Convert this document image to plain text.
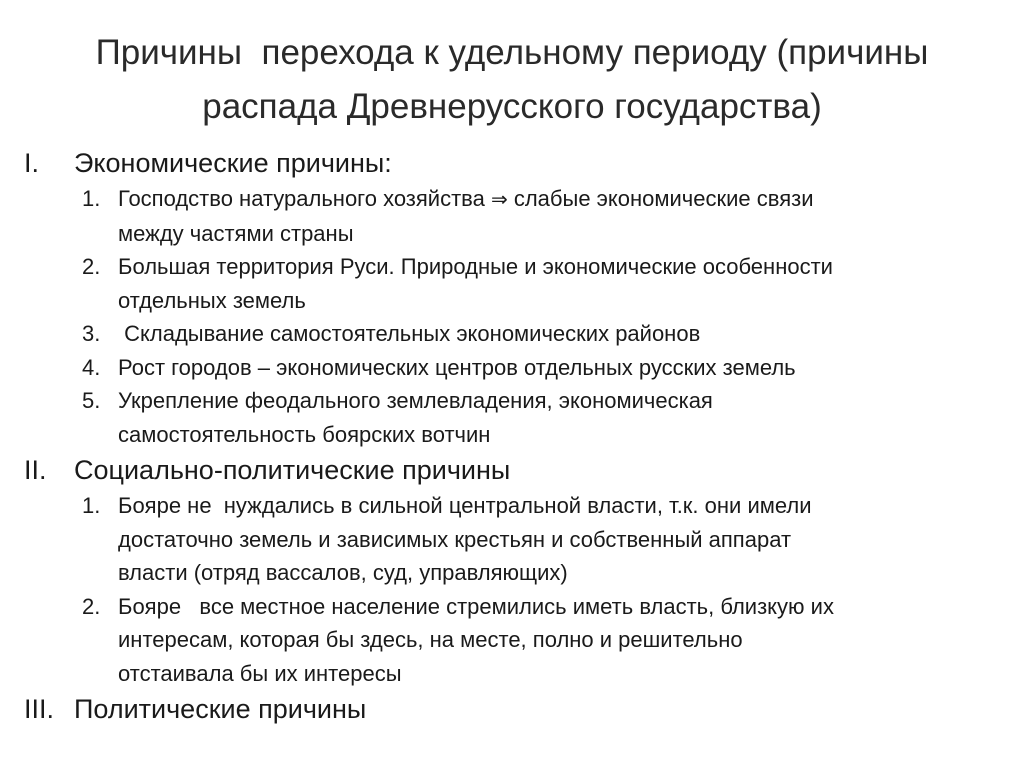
Причины  перехода к удельному периоду (причины
распада Древнерусского государства)
I. Экономические причины:
1. Господство натурального хозяйства ⇒ слабые экономические связи
между частями страны
2. Большая территория Руси. Природные и экономические особенности
отдельных земель
3. Складывание самостоятельных экономических районов
4. Рост городов – экономических центров отдельных русских земель
5. Укрепление феодального землевладения, экономическая
самостоятельность боярских вотчин
II. Социально-политические причины
1. Бояре не  нуждались в сильной центральной власти, т.к. они имели
достаточно земель и зависимых крестьян и собственный аппарат
власти (отряд вассалов, суд, управляющих)
2. Бояре   все местное население стремились иметь власть, близкую их
интересам, которая бы здесь, на месте, полно и решительно
отстаивала бы их интересы
III. Политические причины
